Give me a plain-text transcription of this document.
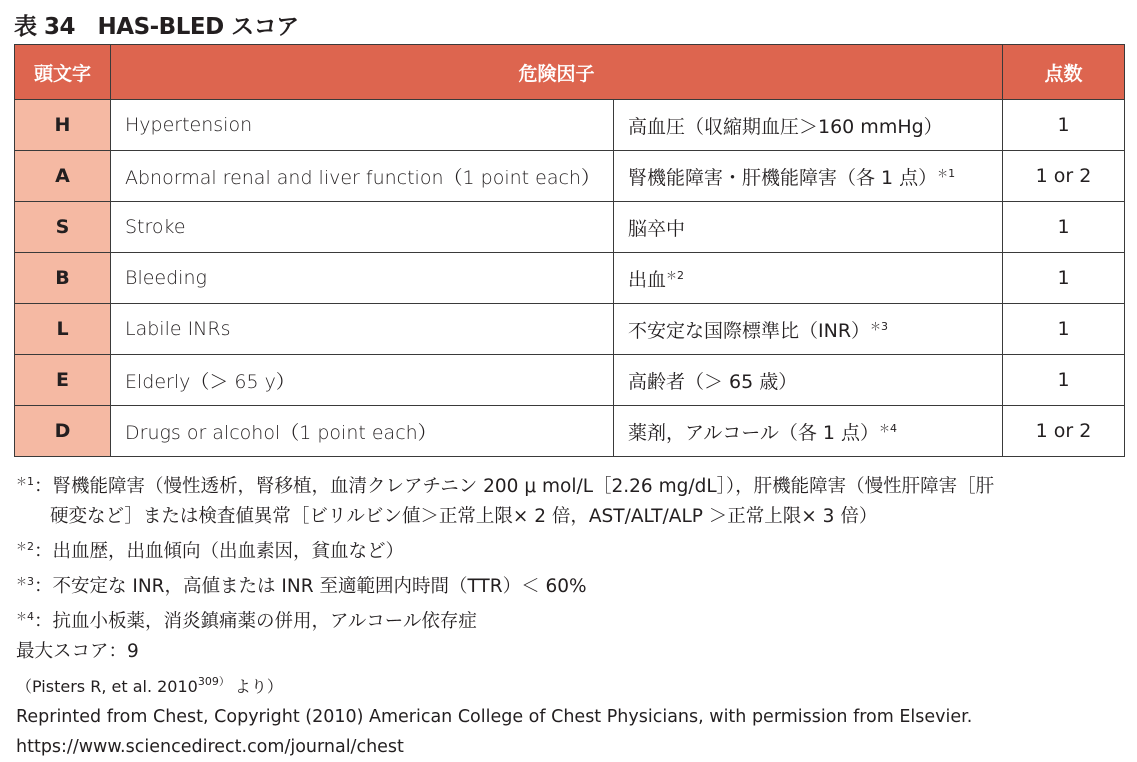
表 34　HAS-BLED スコア
頭文字	危険因子		点数
H	Hypertension	高血圧（収縮期血圧＞160 mmHg）	1
A	Abnormal renal and liver function（1 point each）	腎機能障害・肝機能障害（各 1 点）$^{*1}$	1 or 2
S	Stroke	脳卒中	1
B	Bleeding	出血$^{*2}$	1
L	Labile INRs	不安定な国際標準比（INR）$^{*3}$	1
E	Elderly（＞ 65 y）	高齢者（＞ 65 歳）	1
D	Drugs or alcohol（1 point each）	薬剤，アルコール（各 1 点）$^{*4}$	1 or 2
$^{*1}$：腎機能障害（慢性透析，腎移植，血清クレアチニン 200 μ mol/L［2.26 mg/dL］），肝機能障害（慢性肝障害［肝
硬変など］または検査値異常［ビリルビン値＞正常上限× 2 倍，AST/ALT/ALP ＞正常上限× 3 倍）
$^{*2}$：出血歴，出血傾向（出血素因，貧血など）
$^{*3}$：不安定な INR，高値または INR 至適範囲内時間（TTR）＜ 60%
$^{*4}$：抗血小板薬，消炎鎮痛薬の併用，アルコール依存症
最大スコア：9
（Pisters R, et al. $2010^{309)}$ より）
Reprinted from Chest, Copyright (2010) American College of Chest Physicians, with permission from Elsevier.
https://www.sciencedirect.com/journal/chest
